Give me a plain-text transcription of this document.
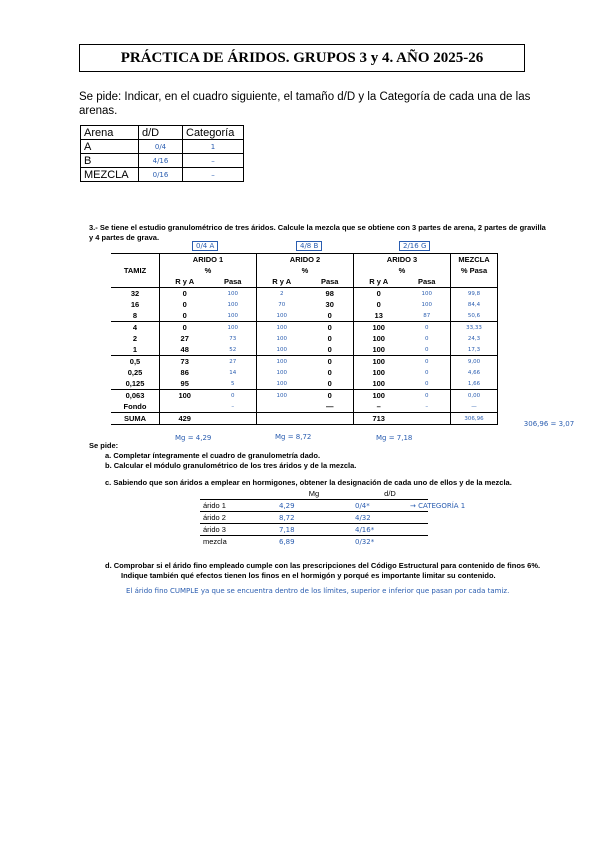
PRÁCTICA DE ÁRIDOS. GRUPOS 3 y 4. AÑO 2025-26
Se pide: Indicar, en el cuadro siguiente, el tamaño d/D y la Categoría de cada una de las arenas.
Arena	d/D	Categoría
A	0/4	1
B	4/16	–
MEZCLA	0/16	–
3.- Se tiene el estudio granulométrico de tres áridos. Calcule la mezcla que se obtiene con 3 partes de arena, 2 partes de gravilla y 4 partes de grava.
0/4 A	4/8 B	2/16 G
	ARIDO 1		ARIDO 2		ARIDO 3		MEZCLA
TAMIZ	%		%		%		% Pasa
	R y A	Pasa	R y A	Pasa	R y A	Pasa	
32	0	100	2	98	0	100	99,8
16	0	100	70	30	0	100	84,4
8	0	100	100	0	13	87	50,6
4	0	100	100	0	100	0	33,33
2	27	73	100	0	100	0	24,3
1	48	52	100	0	100	0	17,3
0,5	73	27	100	0	100	0	9,00
0,25	86	14	100	0	100	0	4,66
0,125	95	5	100	0	100	0	1,66
0,063	100	0	100	0	100	0	0,00
Fondo		–		—	–	–	—
SUMA	429				713		306,96
Mg = 4,29	Mg = 8,72	Mg = 7,18
306,96 = 3,07
Se pide:
a. Completar íntegramente el cuadro de granulometría dado.
b. Calcular el módulo granulométrico de los tres áridos y de la mezcla.
c. Sabiendo que son áridos a emplear en hormigones, obtener la designación de cada uno de ellos y de la mezcla.
	Mg	d/D
árido 1	4,29	0/4*
árido 2	8,72	4/32
árido 3	7,18	4/16*
mezcla	6,89	0/32*
→ CATEGORÍA 1
d. Comprobar si el árido fino empleado cumple con las prescripciones del Código Estructural para contenido de finos 6%.
Indique también qué efectos tienen los finos en el hormigón y porqué es importante limitar su contenido.
El árido fino CUMPLE ya que se encuentra dentro de los límites, superior e inferior que pasan por cada tamiz.
